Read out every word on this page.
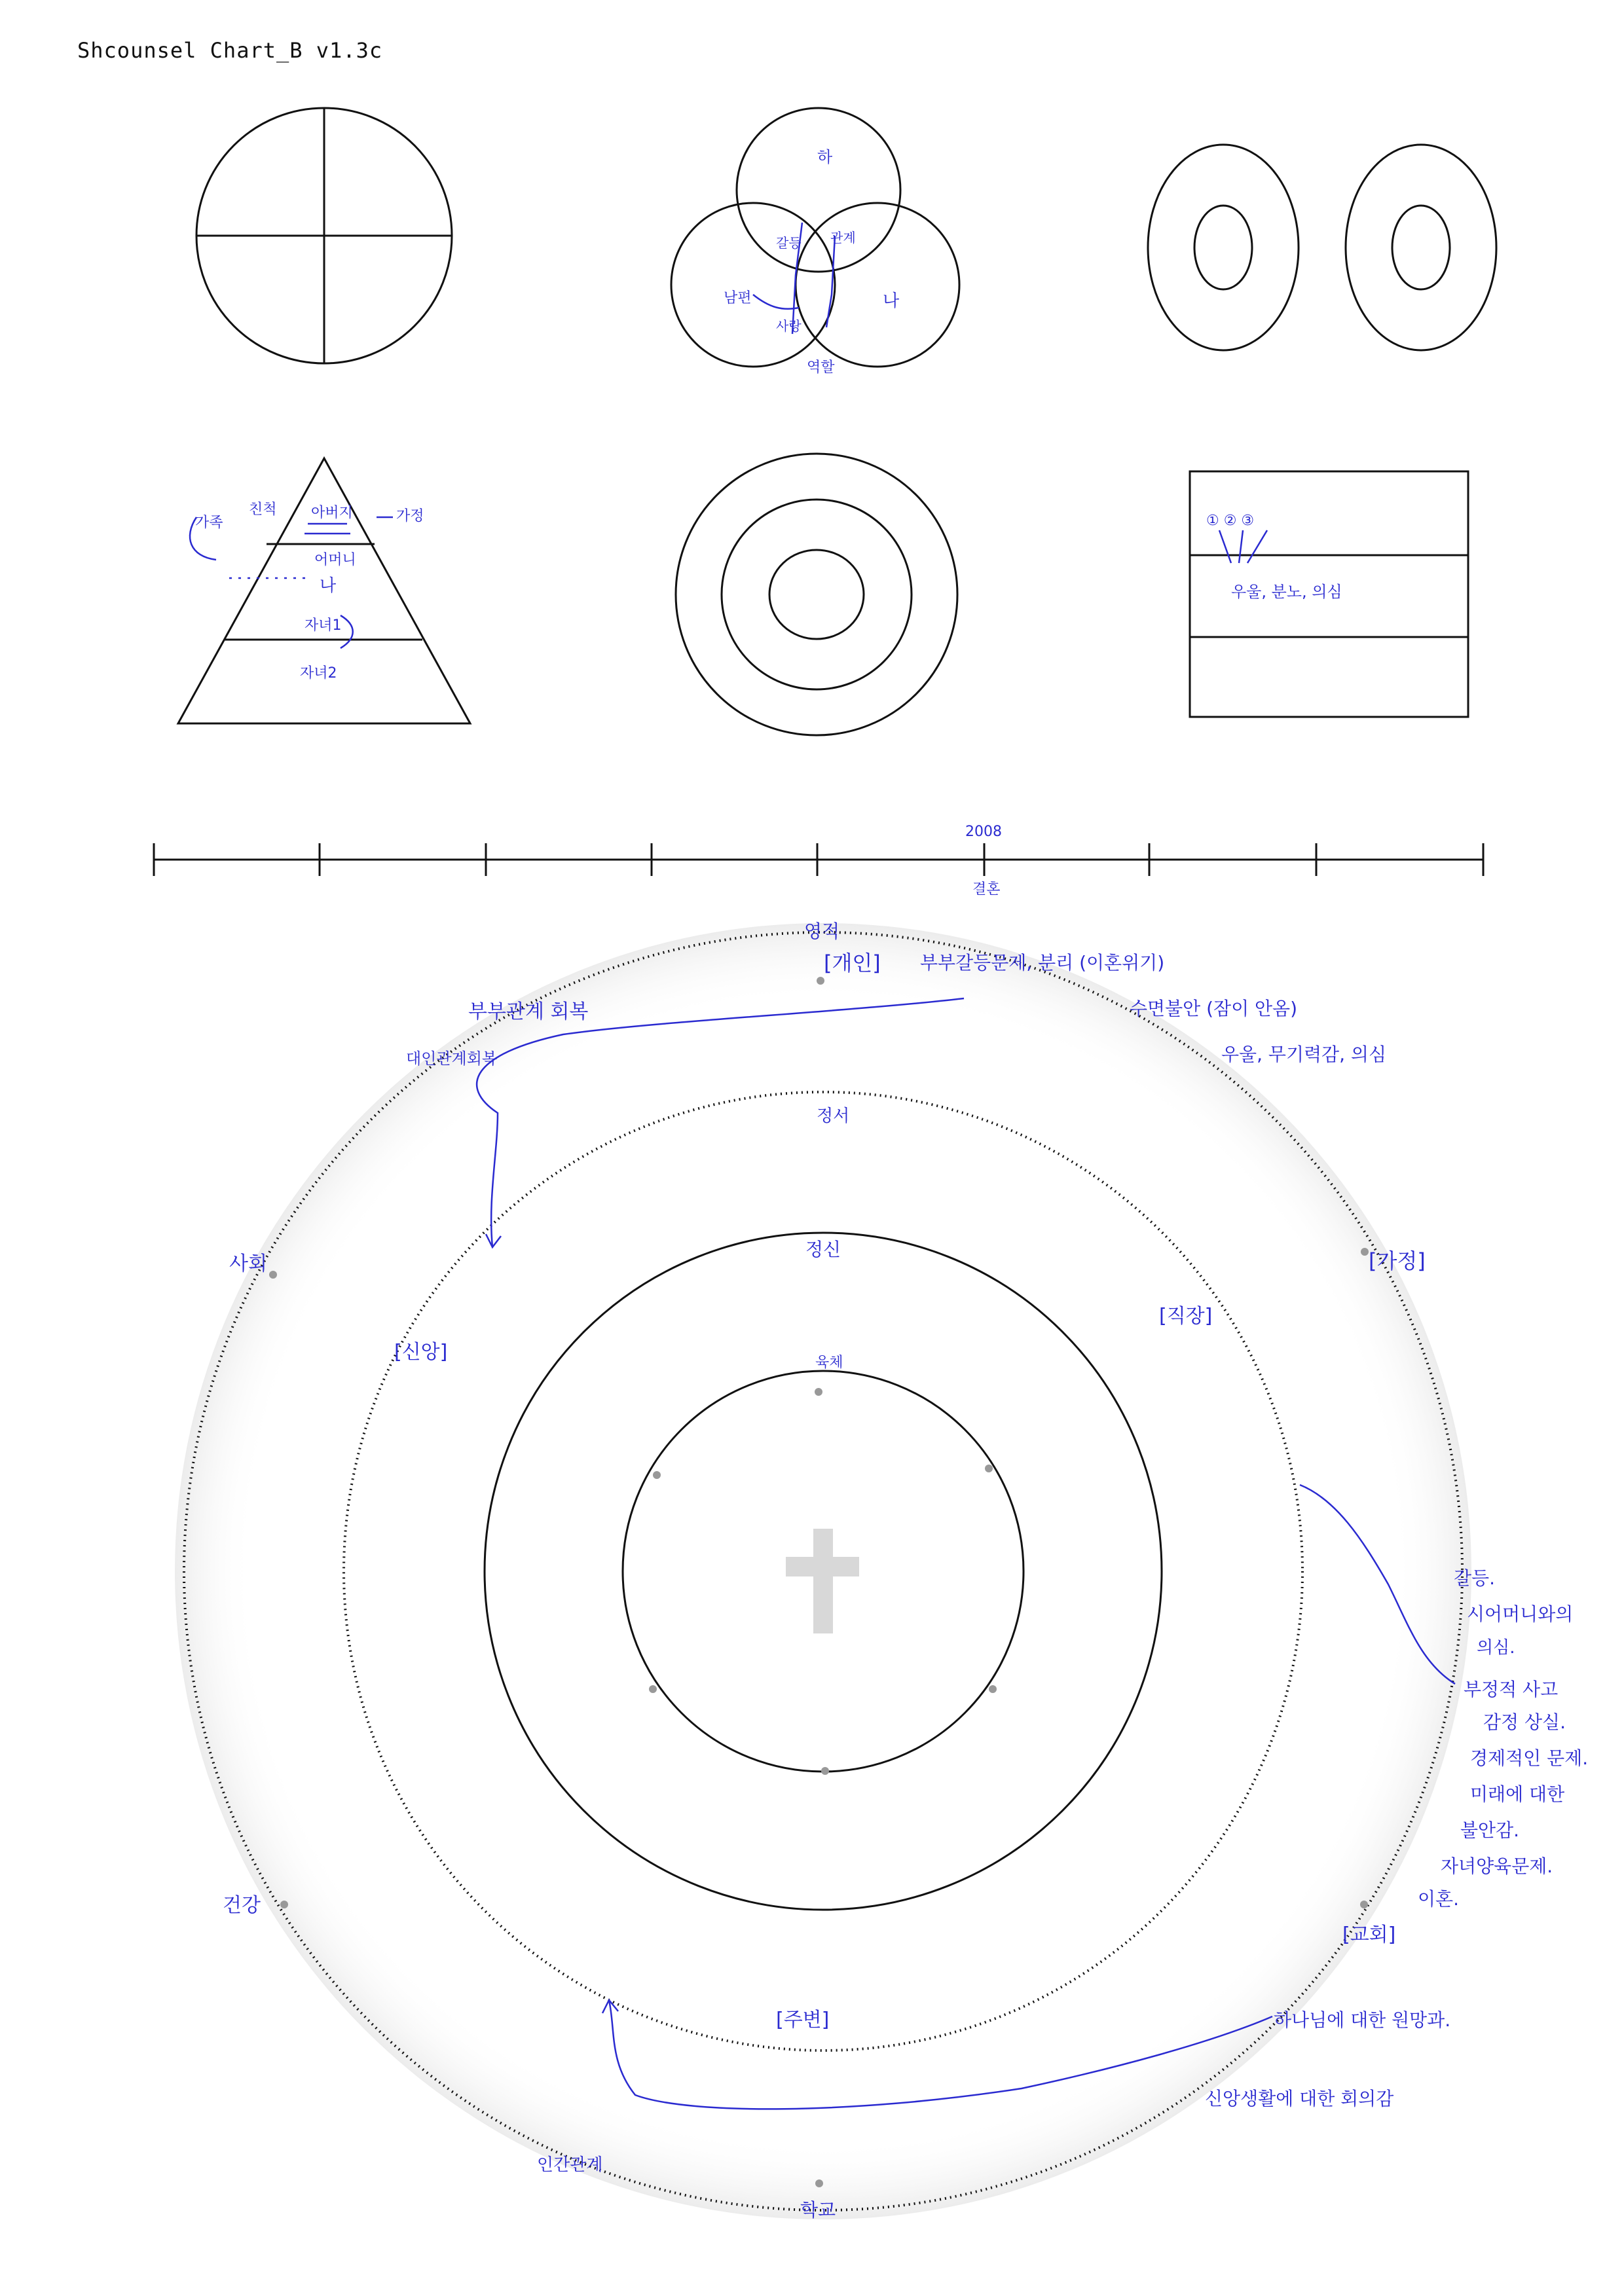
Shcounsel Chart_B v1.3c
하
나
남편
갈등 관계
사랑
역할
아버지
어머니
나
자녀1
자녀2
가족
친척	가정	① ② ③
우울, 분노, 의심
2008
결혼
영적
[개인] 부부갈등문제, 분리 (이혼위기)
수면불안 (잠이 안옴)
우울, 무기력감, 의심
부부관계 회복
대인관계회복
정서
정신
육체
사회
[신앙]
[가정]
[직장]
갈등.
시어머니와의
의심.
부정적 사고
감정 상실.
경제적인 문제.
미래에 대한
불안감.
자녀양육문제.
이혼.
[교회]
건강
[주변]	하나님에 대한 원망과.
신앙생활에 대한 회의감
인간관계
학교
